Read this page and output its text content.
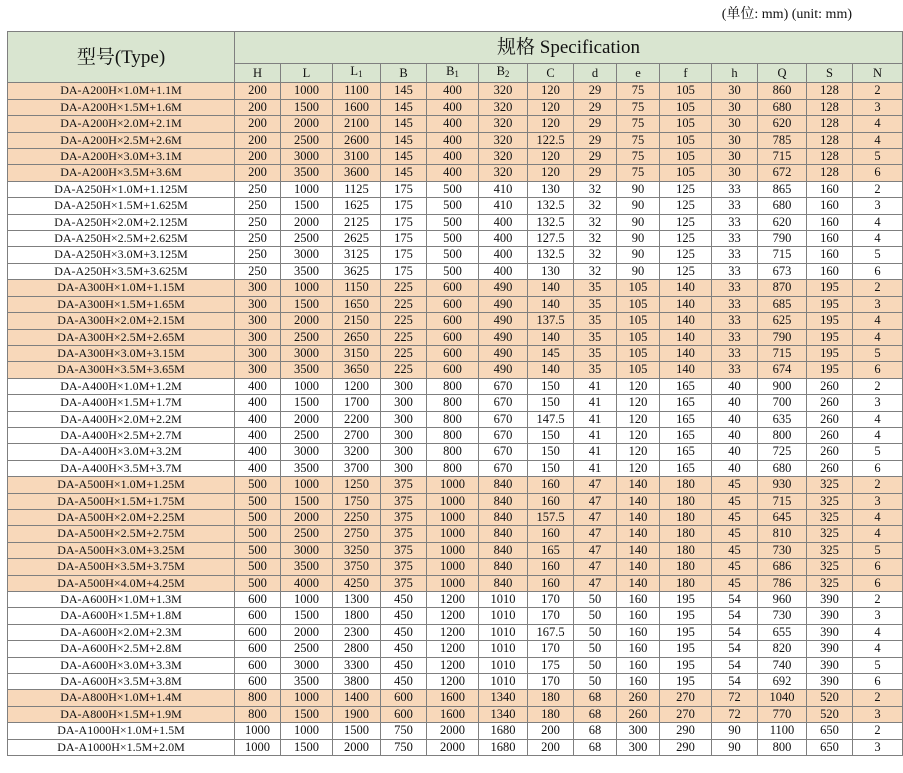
(单位: mm) (unit: mm)
型号(Type)	规格 Specification													
	H	L	$L_1$	B	$B_1$	$B_2$	C	d	e	f	h	Q	S	N
DA-A200H×1.0M+1.1M	200	1000	1100	145	400	320	120	29	75	105	30	860	128	2
DA-A200H×1.5M+1.6M	200	1500	1600	145	400	320	120	29	75	105	30	680	128	3
DA-A200H×2.0M+2.1M	200	2000	2100	145	400	320	120	29	75	105	30	620	128	4
DA-A200H×2.5M+2.6M	200	2500	2600	145	400	320	122.5	29	75	105	30	785	128	4
DA-A200H×3.0M+3.1M	200	3000	3100	145	400	320	120	29	75	105	30	715	128	5
DA-A200H×3.5M+3.6M	200	3500	3600	145	400	320	120	29	75	105	30	672	128	6
DA-A250H×1.0M+1.125M	250	1000	1125	175	500	410	130	32	90	125	33	865	160	2
DA-A250H×1.5M+1.625M	250	1500	1625	175	500	410	132.5	32	90	125	33	680	160	3
DA-A250H×2.0M+2.125M	250	2000	2125	175	500	400	132.5	32	90	125	33	620	160	4
DA-A250H×2.5M+2.625M	250	2500	2625	175	500	400	127.5	32	90	125	33	790	160	4
DA-A250H×3.0M+3.125M	250	3000	3125	175	500	400	132.5	32	90	125	33	715	160	5
DA-A250H×3.5M+3.625M	250	3500	3625	175	500	400	130	32	90	125	33	673	160	6
DA-A300H×1.0M+1.15M	300	1000	1150	225	600	490	140	35	105	140	33	870	195	2
DA-A300H×1.5M+1.65M	300	1500	1650	225	600	490	140	35	105	140	33	685	195	3
DA-A300H×2.0M+2.15M	300	2000	2150	225	600	490	137.5	35	105	140	33	625	195	4
DA-A300H×2.5M+2.65M	300	2500	2650	225	600	490	140	35	105	140	33	790	195	4
DA-A300H×3.0M+3.15M	300	3000	3150	225	600	490	145	35	105	140	33	715	195	5
DA-A300H×3.5M+3.65M	300	3500	3650	225	600	490	140	35	105	140	33	674	195	6
DA-A400H×1.0M+1.2M	400	1000	1200	300	800	670	150	41	120	165	40	900	260	2
DA-A400H×1.5M+1.7M	400	1500	1700	300	800	670	150	41	120	165	40	700	260	3
DA-A400H×2.0M+2.2M	400	2000	2200	300	800	670	147.5	41	120	165	40	635	260	4
DA-A400H×2.5M+2.7M	400	2500	2700	300	800	670	150	41	120	165	40	800	260	4
DA-A400H×3.0M+3.2M	400	3000	3200	300	800	670	150	41	120	165	40	725	260	5
DA-A400H×3.5M+3.7M	400	3500	3700	300	800	670	150	41	120	165	40	680	260	6
DA-A500H×1.0M+1.25M	500	1000	1250	375	1000	840	160	47	140	180	45	930	325	2
DA-A500H×1.5M+1.75M	500	1500	1750	375	1000	840	160	47	140	180	45	715	325	3
DA-A500H×2.0M+2.25M	500	2000	2250	375	1000	840	157.5	47	140	180	45	645	325	4
DA-A500H×2.5M+2.75M	500	2500	2750	375	1000	840	160	47	140	180	45	810	325	4
DA-A500H×3.0M+3.25M	500	3000	3250	375	1000	840	165	47	140	180	45	730	325	5
DA-A500H×3.5M+3.75M	500	3500	3750	375	1000	840	160	47	140	180	45	686	325	6
DA-A500H×4.0M+4.25M	500	4000	4250	375	1000	840	160	47	140	180	45	786	325	6
DA-A600H×1.0M+1.3M	600	1000	1300	450	1200	1010	170	50	160	195	54	960	390	2
DA-A600H×1.5M+1.8M	600	1500	1800	450	1200	1010	170	50	160	195	54	730	390	3
DA-A600H×2.0M+2.3M	600	2000	2300	450	1200	1010	167.5	50	160	195	54	655	390	4
DA-A600H×2.5M+2.8M	600	2500	2800	450	1200	1010	170	50	160	195	54	820	390	4
DA-A600H×3.0M+3.3M	600	3000	3300	450	1200	1010	175	50	160	195	54	740	390	5
DA-A600H×3.5M+3.8M	600	3500	3800	450	1200	1010	170	50	160	195	54	692	390	6
DA-A800H×1.0M+1.4M	800	1000	1400	600	1600	1340	180	68	260	270	72	1040	520	2
DA-A800H×1.5M+1.9M	800	1500	1900	600	1600	1340	180	68	260	270	72	770	520	3
DA-A1000H×1.0M+1.5M	1000	1000	1500	750	2000	1680	200	68	300	290	90	1100	650	2
DA-A1000H×1.5M+2.0M	1000	1500	2000	750	2000	1680	200	68	300	290	90	800	650	3
